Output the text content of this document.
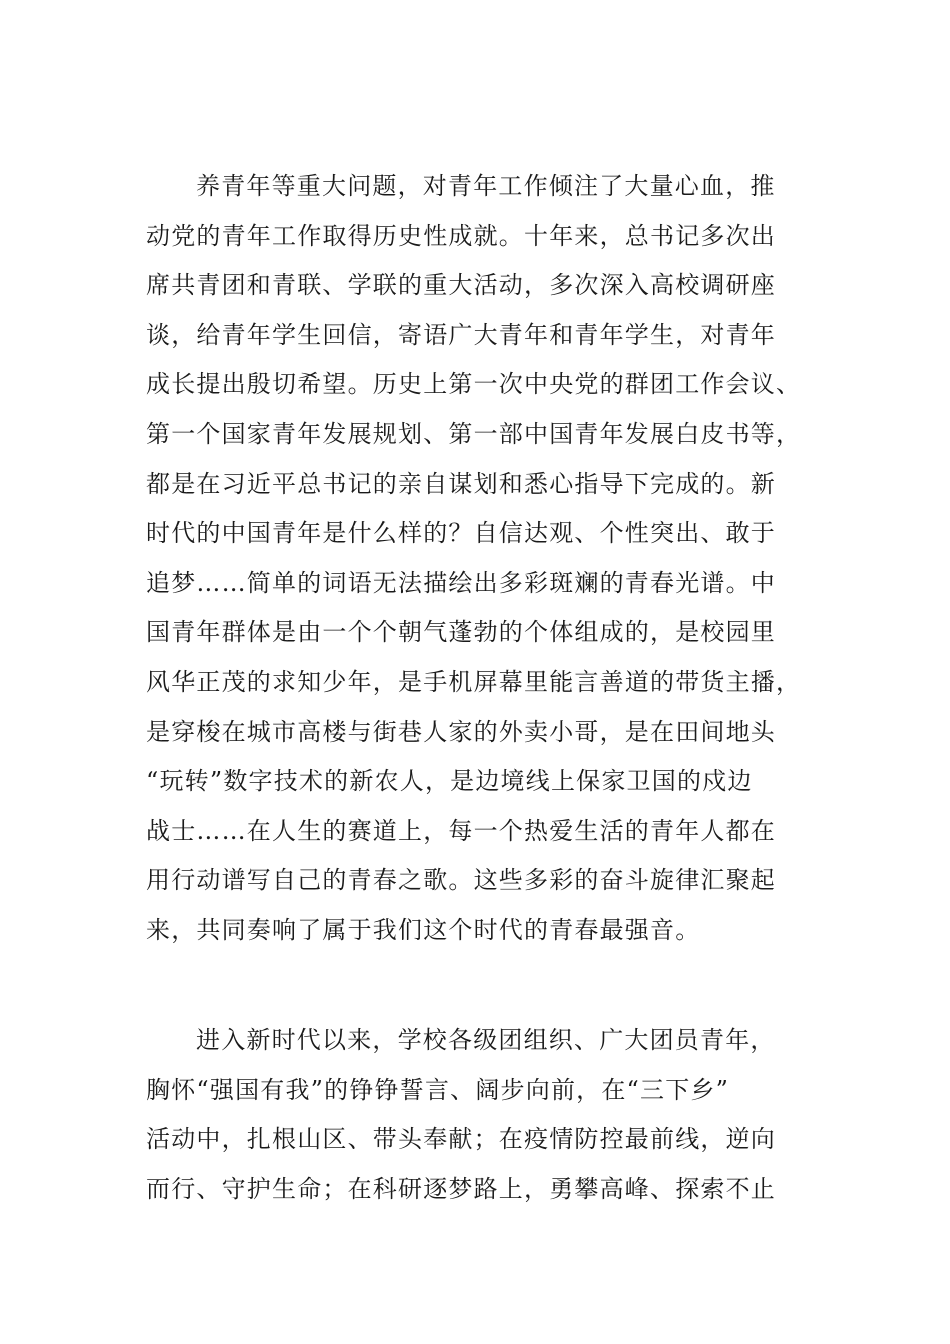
养青年等重大问题，对青年工作倾注了大量心血，推
动党的青年工作取得历史性成就。十年来，总书记多次出
席共青团和青联、学联的重大活动，多次深入高校调研座
谈，给青年学生回信，寄语广大青年和青年学生，对青年
成长提出殷切希望。历史上第一次中央党的群团工作会议、
第一个国家青年发展规划、第一部中国青年发展白皮书等，
都是在习近平总书记的亲自谋划和悉心指导下完成的。新
时代的中国青年是什么样的？自信达观、个性突出、敢于
追梦……简单的词语无法描绘出多彩斑斓的青春光谱。中
国青年群体是由一个个朝气蓬勃的个体组成的，是校园里
风华正茂的求知少年，是手机屏幕里能言善道的带货主播，
是穿梭在城市高楼与街巷人家的外卖小哥，是在田间地头
“玩转”数字技术的新农人，是边境线上保家卫国的戍边
战士……在人生的赛道上，每一个热爱生活的青年人都在
用行动谱写自己的青春之歌。这些多彩的奋斗旋律汇聚起
来，共同奏响了属于我们这个时代的青春最强音。
进入新时代以来，学校各级团组织、广大团员青年，
胸怀“强国有我”的铮铮誓言、阔步向前，在“三下乡”
活动中，扎根山区、带头奉献；在疫情防控最前线，逆向
而行、守护生命；在科研逐梦路上，勇攀高峰、探索不止
